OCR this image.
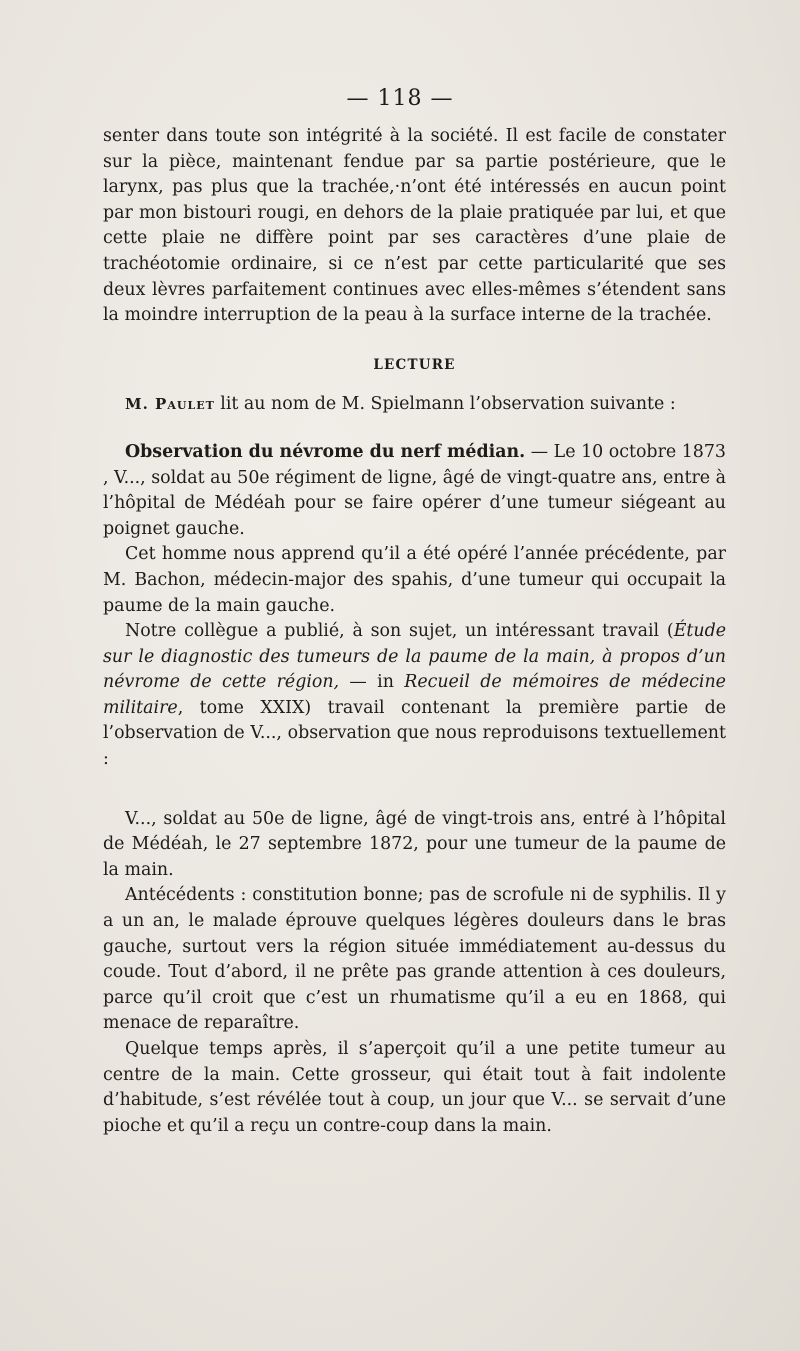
— 118 —

senter dans toute son intégrité à la société. Il est facile de constater sur la pièce, maintenant fendue par sa partie postérieure, que le larynx, pas plus que la trachée,·n’ont été intéressés en aucun point par mon bistouri rougi, en dehors de la plaie pratiquée par lui, et que cette plaie ne diffère point par ses caractères d’une plaie de trachéotomie ordinaire, si ce n’est par cette particularité que ses deux lèvres parfaitement continues avec elles-mêmes s’étendent sans la moindre interruption de la peau à la surface interne de la trachée.

LECTURE

M. Paulet lit au nom de M. Spielmann l’observation suivante :

Observation du névrome du nerf médian. — Le 10 octobre 1873 , V..., soldat au 50e régiment de ligne, âgé de vingt-quatre ans, entre à l’hôpital de Médéah pour se faire opérer d’une tumeur siégeant au poignet gauche.

Cet homme nous apprend qu’il a été opéré l’année précédente, par M. Bachon, médecin-major des spahis, d’une tumeur qui occupait la paume de la main gauche.

Notre collègue a publié, à son sujet, un intéressant travail (Étude sur le diagnostic des tumeurs de la paume de la main, à propos d’un névrome de cette région, — in Recueil de mémoires de médecine militaire, tome XXIX) travail contenant la première partie de l’observation de V..., observation que nous reproduisons textuellement :

V..., soldat au 50e de ligne, âgé de vingt-trois ans, entré à l’hôpital de Médéah, le 27 septembre 1872, pour une tumeur de la paume de la main.

Antécédents : constitution bonne; pas de scrofule ni de syphilis. Il y a un an, le malade éprouve quelques légères douleurs dans le bras gauche, surtout vers la région située immédiatement au-dessus du coude. Tout d’abord, il ne prête pas grande attention à ces douleurs, parce qu’il croit que c’est un rhumatisme qu’il a eu en 1868, qui menace de reparaître.

Quelque temps après, il s’aperçoit qu’il a une petite tumeur au centre de la main. Cette grosseur, qui était tout à fait indolente d’habitude, s’est révélée tout à coup, un jour que V... se servait d’une pioche et qu’il a reçu un contre-coup dans la main.
